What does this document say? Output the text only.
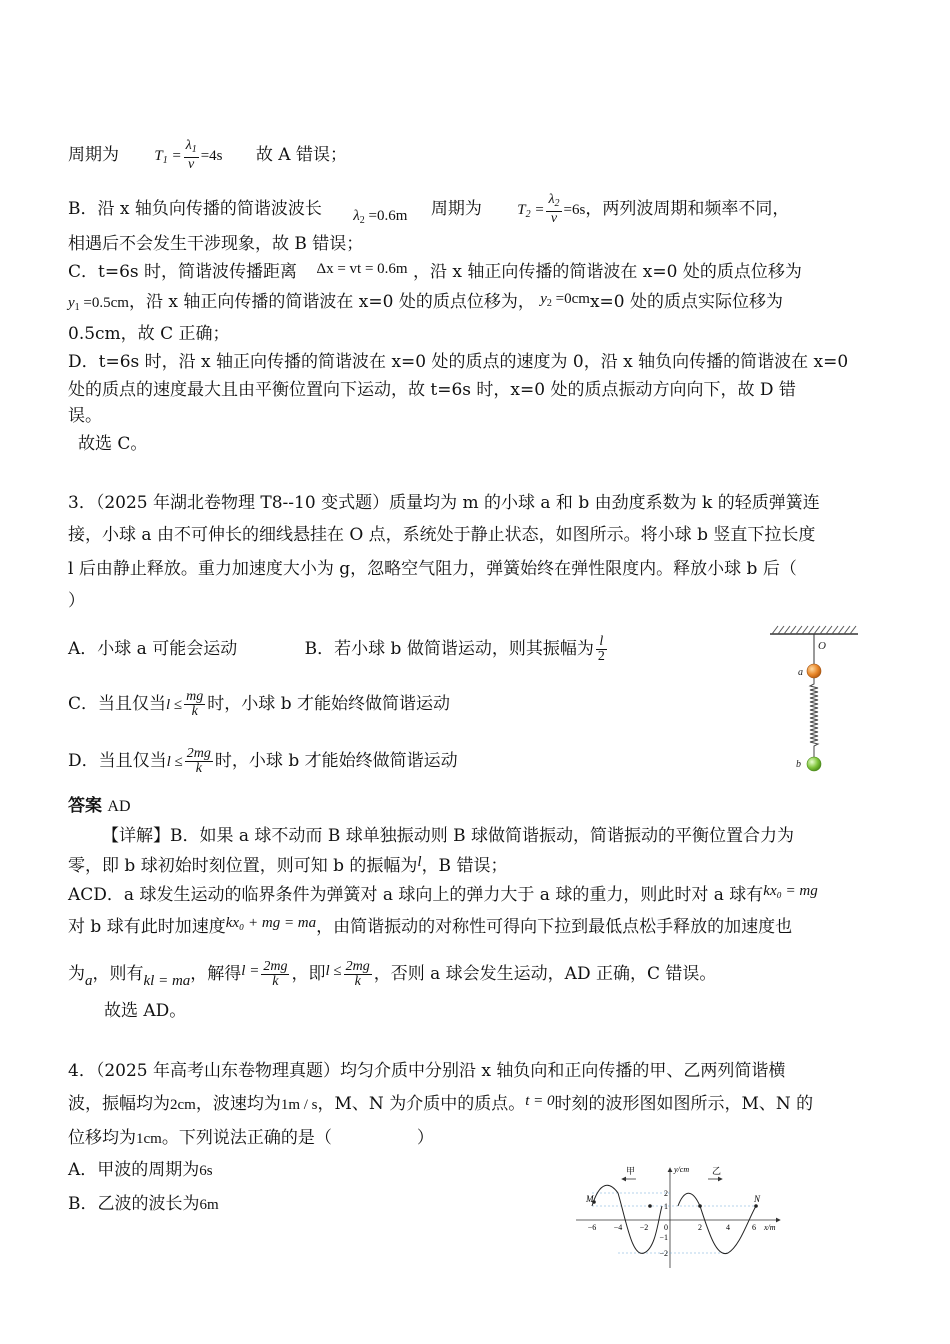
周期为 $T_1 = \frac{\lambda_1}{v} =4s$ 故 A 错误；
B．沿 x 轴负向传播的简谐波波长 $\lambda_2 =0.6m$ 周期为 $T_2 = \frac{\lambda_2}{v} =6s$，两列波周期和频率不同，
相遇后不会发生干涉现象，故 B 错误；
C．t=6s 时，简谐波传播距离 Δx = vt = 0.6m ，沿 x 轴正向传播的简谐波在 x=0 处的质点位移为
$y_1 =0.5cm$，沿 x 轴正向传播的简谐波在 x=0 处的质点位移为， $y_2 =0cmx=0$ 处的质点实际位移为
0.5cm，故 C 正确；
D．t=6s 时，沿 x 轴正向传播的简谐波在 x=0 处的质点的速度为 0，沿 x 轴负向传播的简谐波在 x=0
处的质点的速度最大且由平衡位置向下运动，故 t=6s 时，x=0 处的质点振动方向向下，故 D 错
误。
故选 C。
3．（2025 年湖北卷物理 T8--10 变式题）质量均为 m 的小球 a 和 b 由劲度系数为 k 的轻质弹簧连
接，小球 a 由不可伸长的细线悬挂在 O 点，系统处于静止状态，如图所示。将小球 b 竖直下拉长度
l 后由静止释放。重力加速度大小为 g，忽略空气阻力，弹簧始终在弹性限度内。释放小球 b 后（
）
A．小球 a 可能会运动	B．若小球 b 做简谐运动，则其振幅为 $\frac{l}{2}$
C．当且仅当$l \le \frac{mg}{k}$ 时，小球 b 才能始终做简谐运动
D．当且仅当$l \le \frac{2mg}{k}$ 时，小球 b 才能始终做简谐运动
O
a
b
答案 AD
【详解】B．如果 a 球不动而 B 球单独振动则 B 球做简谐振动，简谐振动的平衡位置合力为
零，即 b 球初始时刻位置，则可知 b 的振幅为l，B 错误；
ACD．a 球发生运动的临界条件为弹簧对 a 球向上的弹力大于 a 球的重力，则此时对 a 球有kx₀ = mg
对 b 球有此时加速度kx₀ + mg = ma，由简谐振动的对称性可得向下拉到最低点松手释放的加速度也
为a，则有kl = ma，解得$l = \frac{2mg}{k}$ ，即$l \le \frac{2mg}{k}$ ，否则 a 球会发生运动，AD 正确，C 错误。
故选 AD。
4．（2025 年高考山东卷物理真题）均匀介质中分别沿 x 轴负向和正向传播的甲、乙两列简谐横
波，振幅均为2cm，波速均为1m / s，M、N 为介质中的质点。t = 0时刻的波形图如图所示，M、N 的
位移均为1cm。下列说法正确的是（　　　　　）
A．甲波的周期为6s
B．乙波的波长为6m	M	N
y/cm
x/m
甲	乙
−6 −4 −2 0	2	4	6
2
1
−1
−2
